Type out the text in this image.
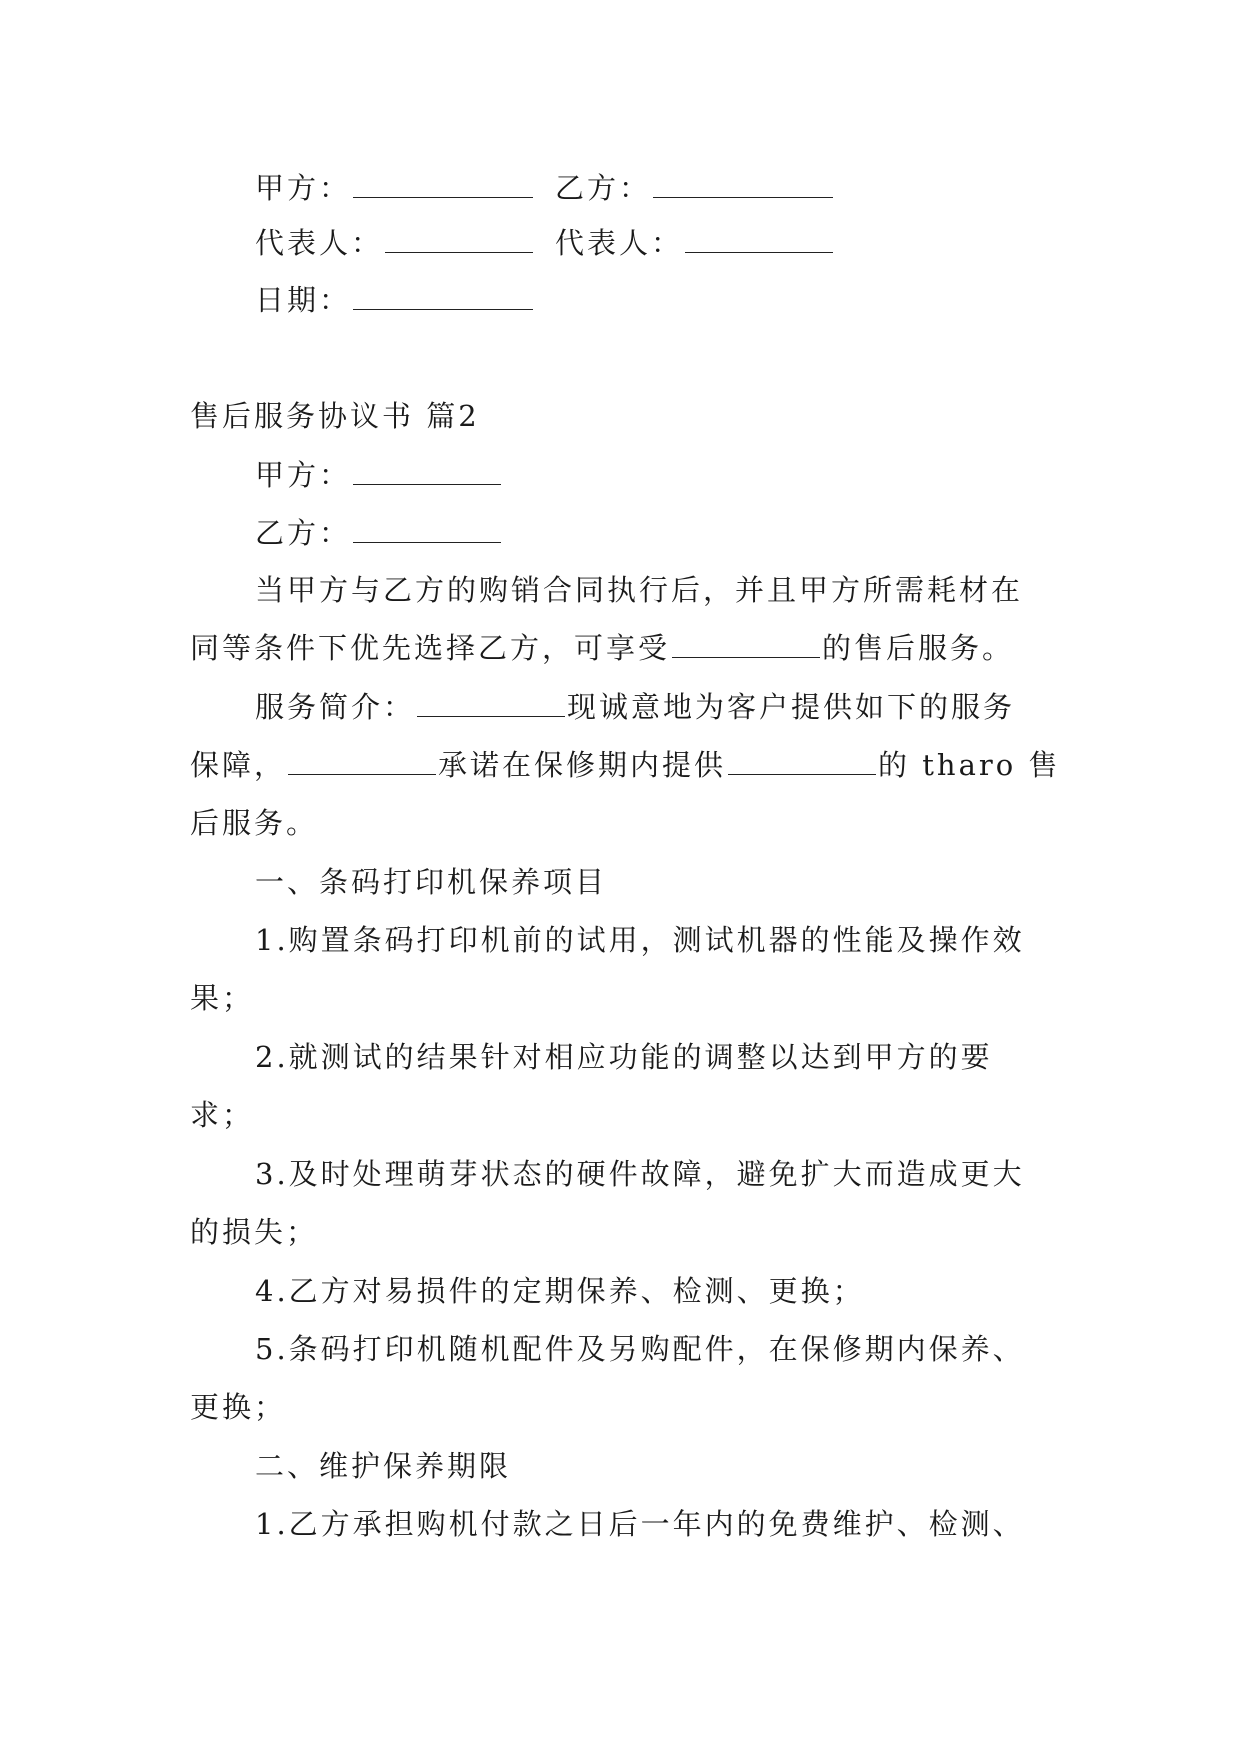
甲方：	乙方：
代表人：	代表人：
日期：
售后服务协议书 篇2
甲方：
乙方：
当甲方与乙方的购销合同执行后，并且甲方所需耗材在
同等条件下优先选择乙方，可享受	的售后服务。
服务简介：	现诚意地为客户提供如下的服务
保障，	承诺在保修期内提供	的 tharo 售
后服务。
一、条码打印机保养项目
1.购置条码打印机前的试用，测试机器的性能及操作效
果；
2.就测试的结果针对相应功能的调整以达到甲方的要
求；
3.及时处理萌芽状态的硬件故障，避免扩大而造成更大
的损失；
4.乙方对易损件的定期保养、检测、更换；
5.条码打印机随机配件及另购配件，在保修期内保养、
更换；
二、维护保养期限
1.乙方承担购机付款之日后一年内的免费维护、检测、
